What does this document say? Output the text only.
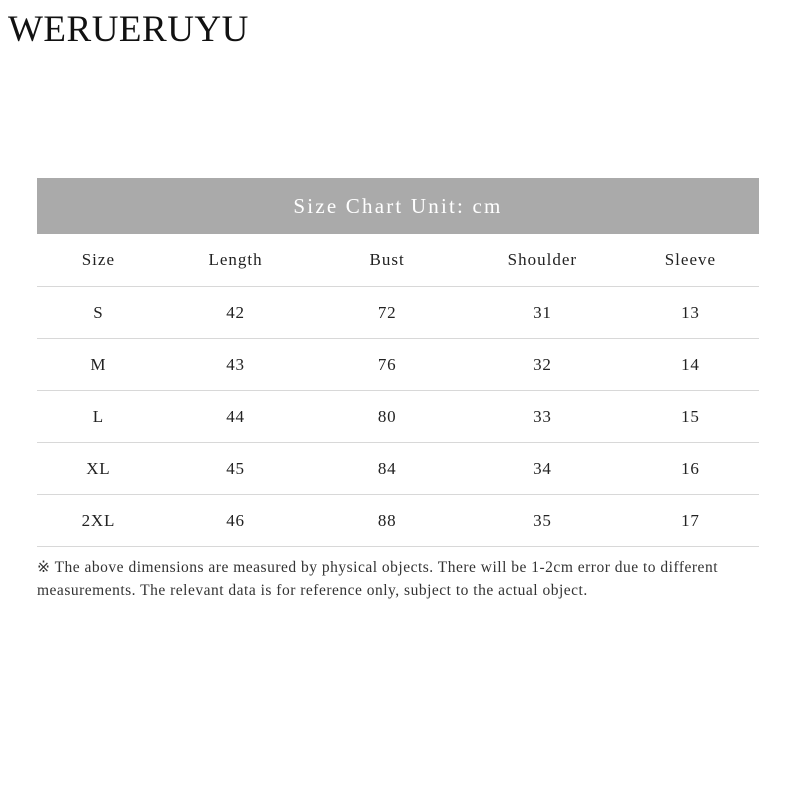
WERUERUYU
Size Chart Unit: cm
Size	Length	Bust	Shoulder	Sleeve
S	42	72	31	13
M	43	76	32	14
L	44	80	33	15
XL	45	84	34	16
2XL	46	88	35	17
※ The above dimensions are measured by physical objects. There will be 1-2cm error due to different measurements. The relevant data is for reference only, subject to the actual object.
